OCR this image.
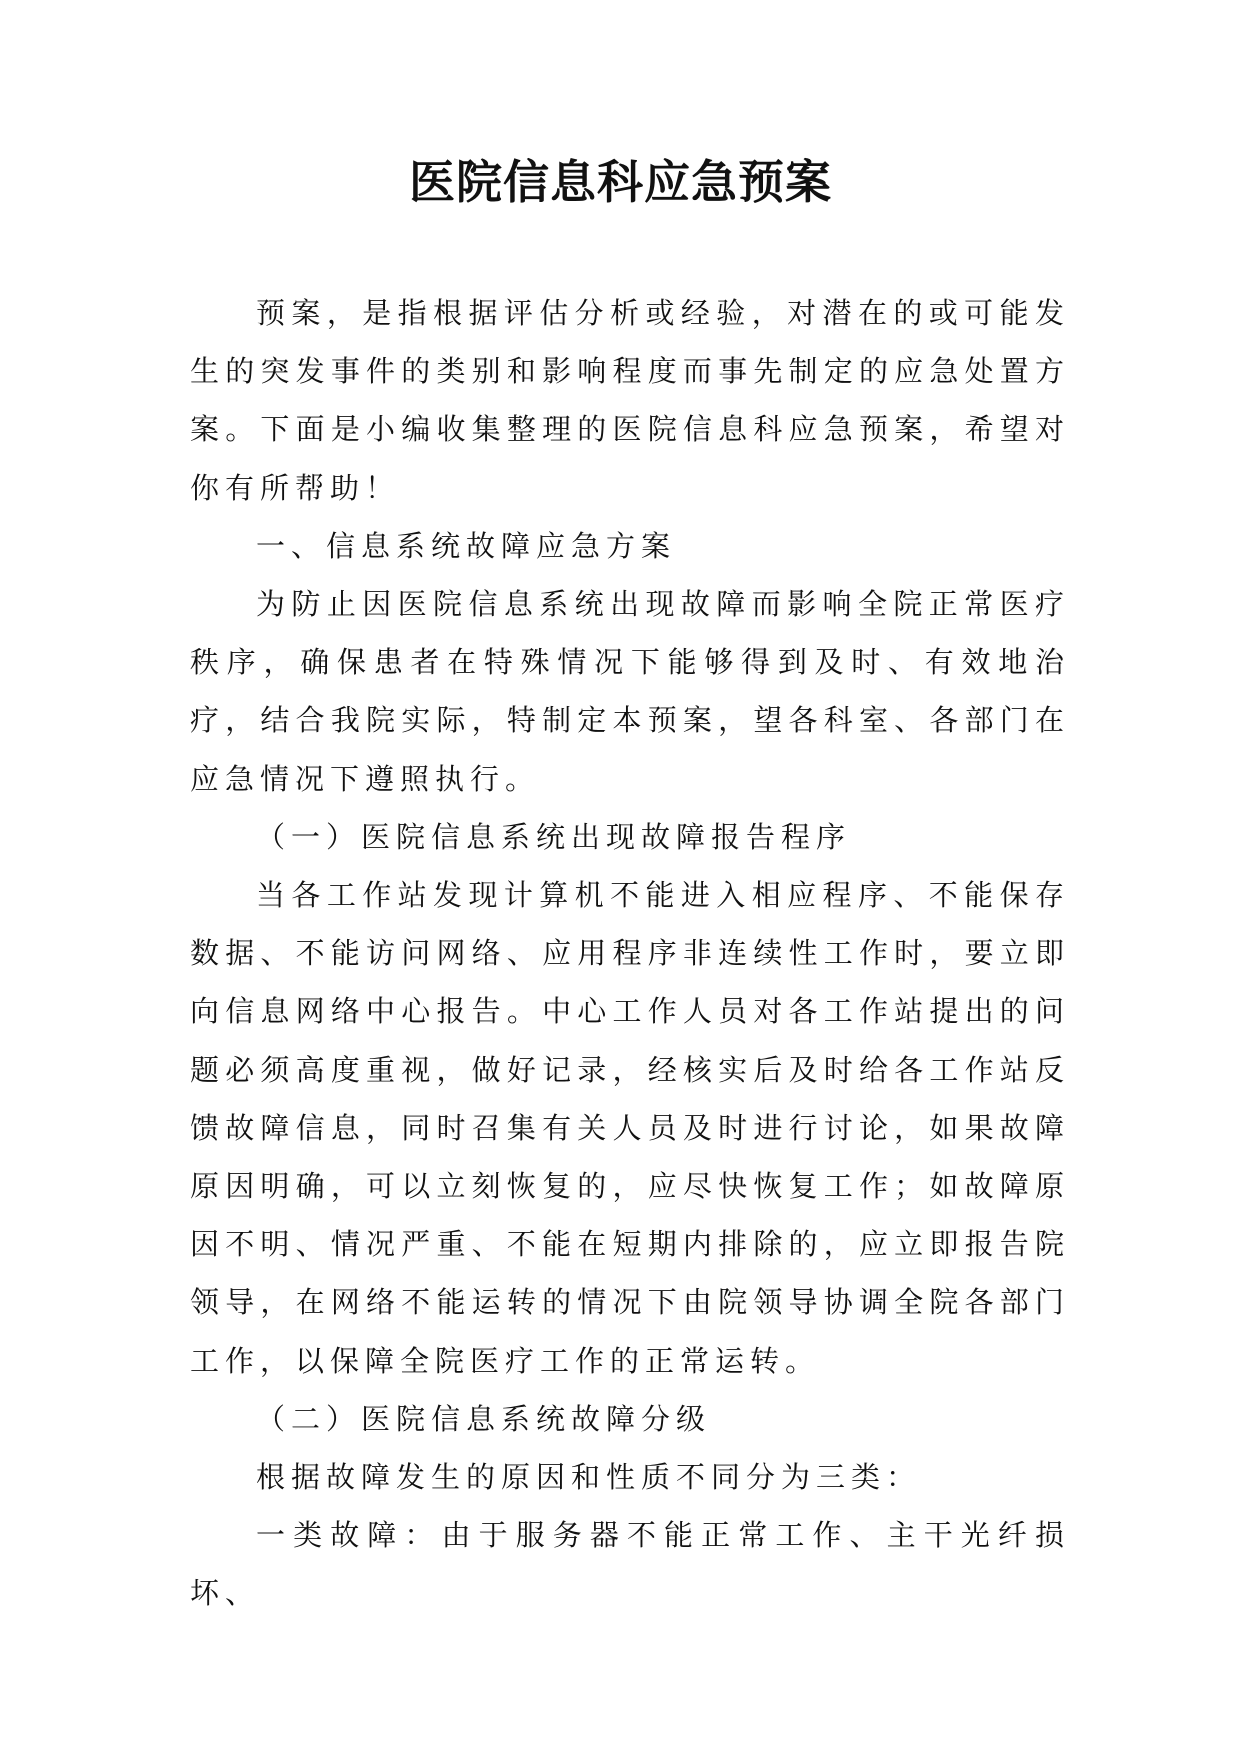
医院信息科应急预案

预案，是指根据评估分析或经验，对潜在的或可能发生的突发事件的类别和影响程度而事先制定的应急处置方案。下面是小编收集整理的医院信息科应急预案，希望对你有所帮助！

一、信息系统故障应急方案

为防止因医院信息系统出现故障而影响全院正常医疗秩序，确保患者在特殊情况下能够得到及时、有效地治疗，结合我院实际，特制定本预案，望各科室、各部门在应急情况下遵照执行。

（一）医院信息系统出现故障报告程序

当各工作站发现计算机不能进入相应程序、不能保存数据、不能访问网络、应用程序非连续性工作时，要立即向信息网络中心报告。中心工作人员对各工作站提出的问题必须高度重视，做好记录，经核实后及时给各工作站反馈故障信息，同时召集有关人员及时进行讨论，如果故障原因明确，可以立刻恢复的，应尽快恢复工作；如故障原因不明、情况严重、不能在短期内排除的，应立即报告院领导，在网络不能运转的情况下由院领导协调全院各部门工作，以保障全院医疗工作的正常运转。

（二）医院信息系统故障分级

根据故障发生的原因和性质不同分为三类：

一类故障：由于服务器不能正常工作、主干光纤损坏、
